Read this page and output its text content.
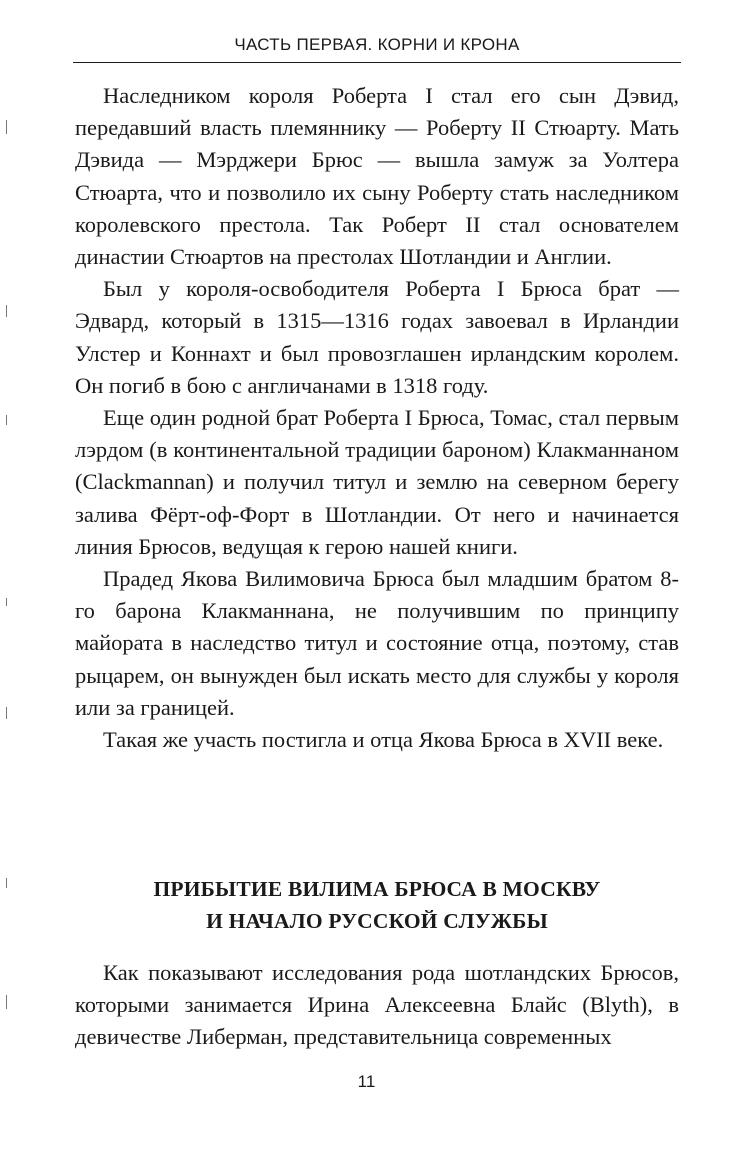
ЧАСТЬ ПЕРВАЯ. КОРНИ И КРОНА

Наследником короля Роберта I стал его сын Дэвид, передавший власть племяннику — Роберту II Стюарту. Мать Дэвида — Мэрджери Брюс — вышла замуж за Уолтера Стюарта, что и позволило их сыну Роберту стать наследником королевского престола. Так Роберт II стал основателем династии Стюартов на престолах Шотландии и Англии.

Был у короля-освободителя Роберта I Брюса брат — Эдвард, который в 1315—1316 годах завоевал в Ирландии Улстер и Коннахт и был провозглашен ирландским королем. Он погиб в бою с англичанами в 1318 году.

Еще один родной брат Роберта I Брюса, Томас, стал первым лэрдом (в континентальной традиции бароном) Клакманнаном (Clackmannan) и получил титул и землю на северном берегу залива Фёрт-оф-Форт в Шотландии. От него и начинается линия Брюсов, ведущая к герою нашей книги.

Прадед Якова Вилимовича Брюса был младшим братом 8-го барона Клакманнана, не получившим по принципу майората в наследство титул и состояние отца, поэтому, став рыцарем, он вынужден был искать место для службы у короля или за границей.

Такая же участь постигла и отца Якова Брюса в XVII веке.

ПРИБЫТИЕ ВИЛИМА БРЮСА В МОСКВУ
И НАЧАЛО РУССКОЙ СЛУЖБЫ

Как показывают исследования рода шотландских Брюсов, которыми занимается Ирина Алексеевна Блайс (Blyth), в девичестве Либерман, представительница современных

11
